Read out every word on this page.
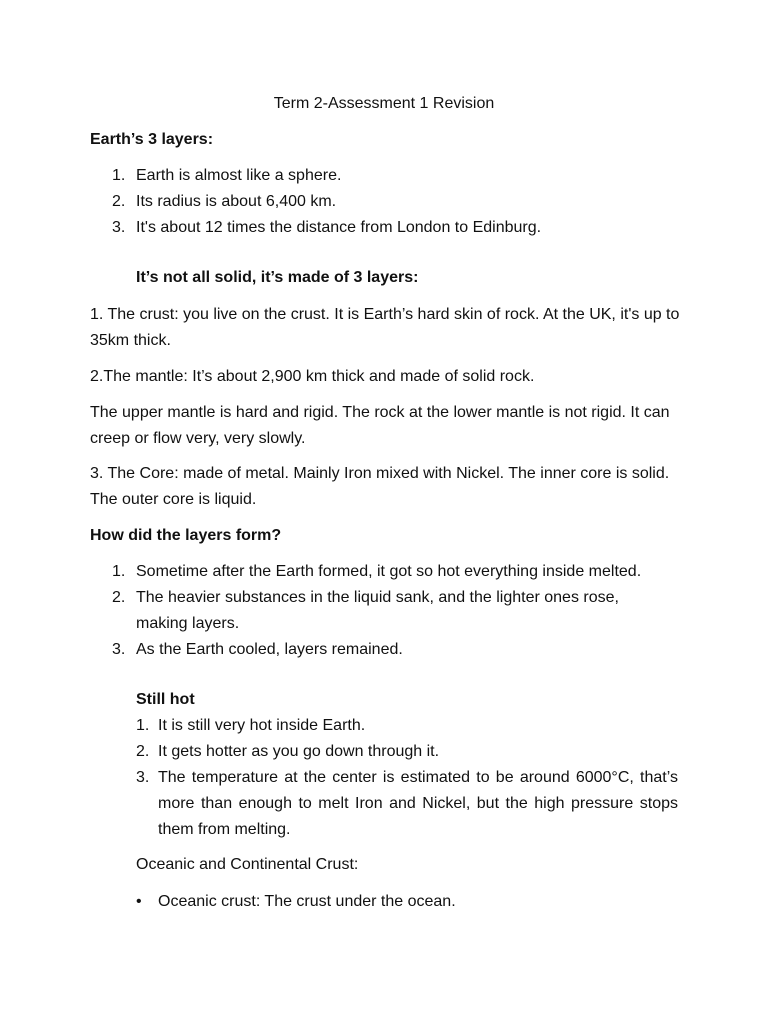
Term 2-Assessment 1 Revision
Earth’s 3 layers:
1. Earth is almost like a sphere.
2. Its radius is about 6,400 km.
3. It's about 12 times the distance from London to Edinburg.
It’s not all solid, it’s made of 3 layers:
1. The crust: you live on the crust. It is Earth’s hard skin of rock. At the UK, it's up to 35km thick.
2.The mantle: It’s about 2,900 km thick and made of solid rock.
The upper mantle is hard and rigid. The rock at the lower mantle is not rigid. It can creep or flow very, very slowly.
3. The Core: made of metal. Mainly Iron mixed with Nickel. The inner core is solid. The outer core is liquid.
How did the layers form?
1. Sometime after the Earth formed, it got so hot everything inside melted.
2. The heavier substances in the liquid sank, and the lighter ones rose, making layers.
3. As the Earth cooled, layers remained.
Still hot
1. It is still very hot inside Earth.
2. It gets hotter as you go down through it.
3. The temperature at the center is estimated to be around 6000°C, that’s more than enough to melt Iron and Nickel, but the high pressure stops them from melting.
Oceanic and Continental Crust:
• Oceanic crust: The crust under the ocean.
